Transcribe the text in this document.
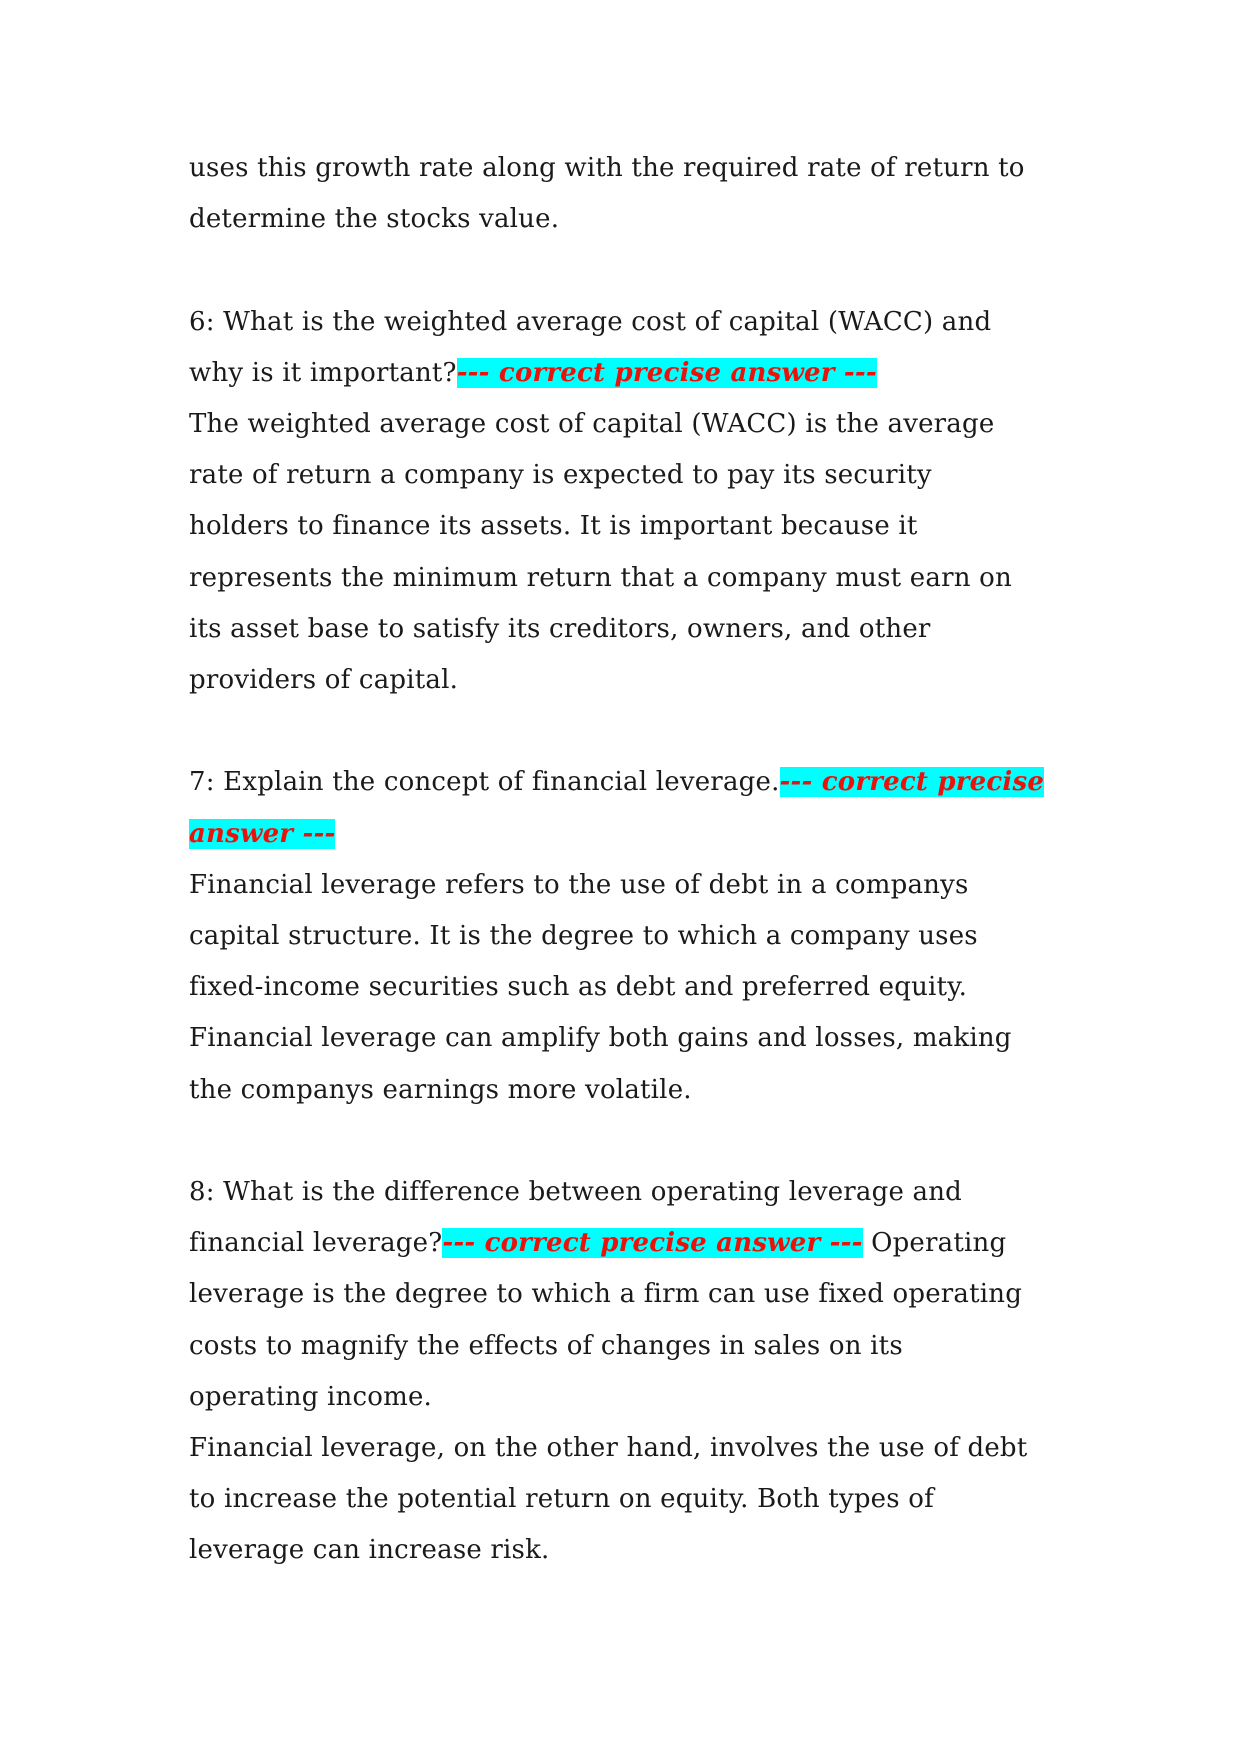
uses this growth rate along with the required rate of return to
determine the stocks value.
6: What is the weighted average cost of capital (WACC) and
why is it important?--- correct precise answer ---
The weighted average cost of capital (WACC) is the average
rate of return a company is expected to pay its security
holders to finance its assets. It is important because it
represents the minimum return that a company must earn on
its asset base to satisfy its creditors, owners, and other
providers of capital.
7: Explain the concept of financial leverage.--- correct precise
answer ---
Financial leverage refers to the use of debt in a companys
capital structure. It is the degree to which a company uses
fixed-income securities such as debt and preferred equity.
Financial leverage can amplify both gains and losses, making
the companys earnings more volatile.
8: What is the difference between operating leverage and
financial leverage?--- correct precise answer --- Operating
leverage is the degree to which a firm can use fixed operating
costs to magnify the effects of changes in sales on its
operating income.
Financial leverage, on the other hand, involves the use of debt
to increase the potential return on equity. Both types of
leverage can increase risk.
